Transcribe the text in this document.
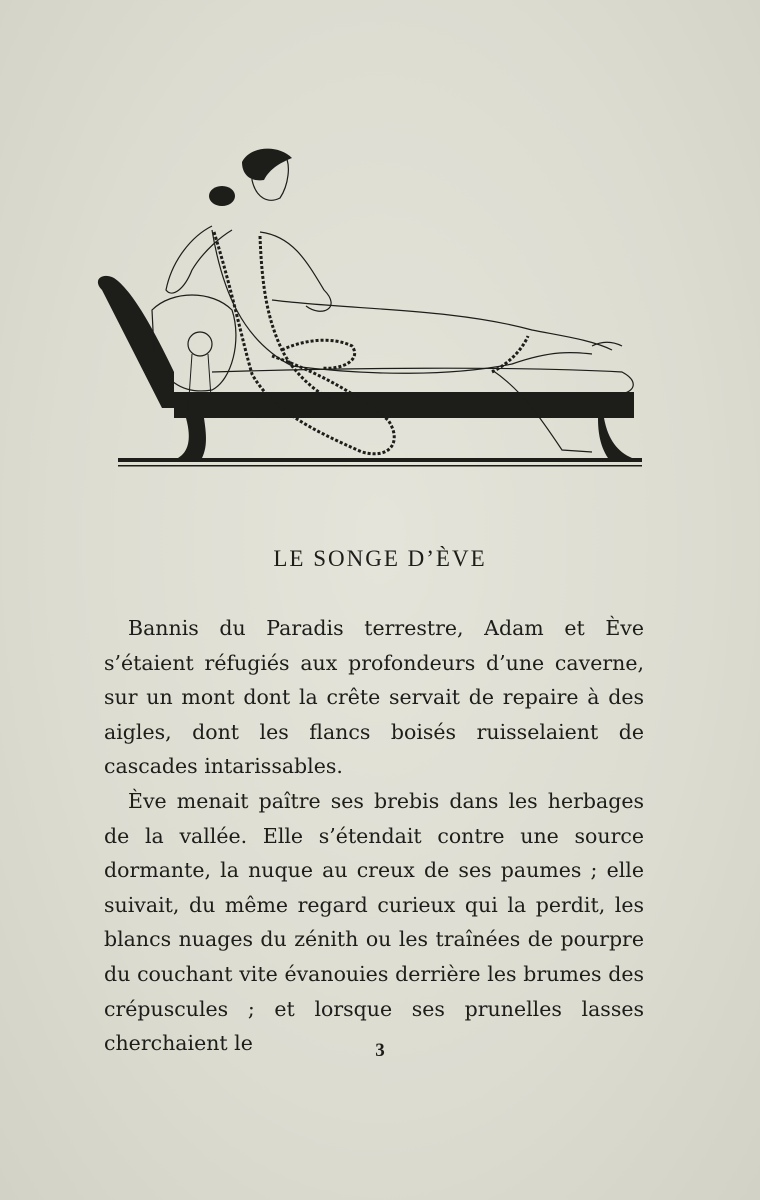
LE SONGE D’ÈVE

Bannis du Paradis terrestre, Adam et Ève s’étaient réfugiés aux profondeurs d’une caverne, sur un mont dont la crête servait de repaire à des aigles, dont les flancs boisés ruisselaient de cascades intarissables.

Ève menait paître ses brebis dans les herbages de la vallée. Elle s’étendait contre une source dormante, la nuque au creux de ses paumes ; elle suivait, du même regard curieux qui la perdit, les blancs nuages du zénith ou les traînées de pourpre du couchant vite évanouies derrière les brumes des crépuscules ; et lorsque ses prunelles lasses cherchaient le	3
